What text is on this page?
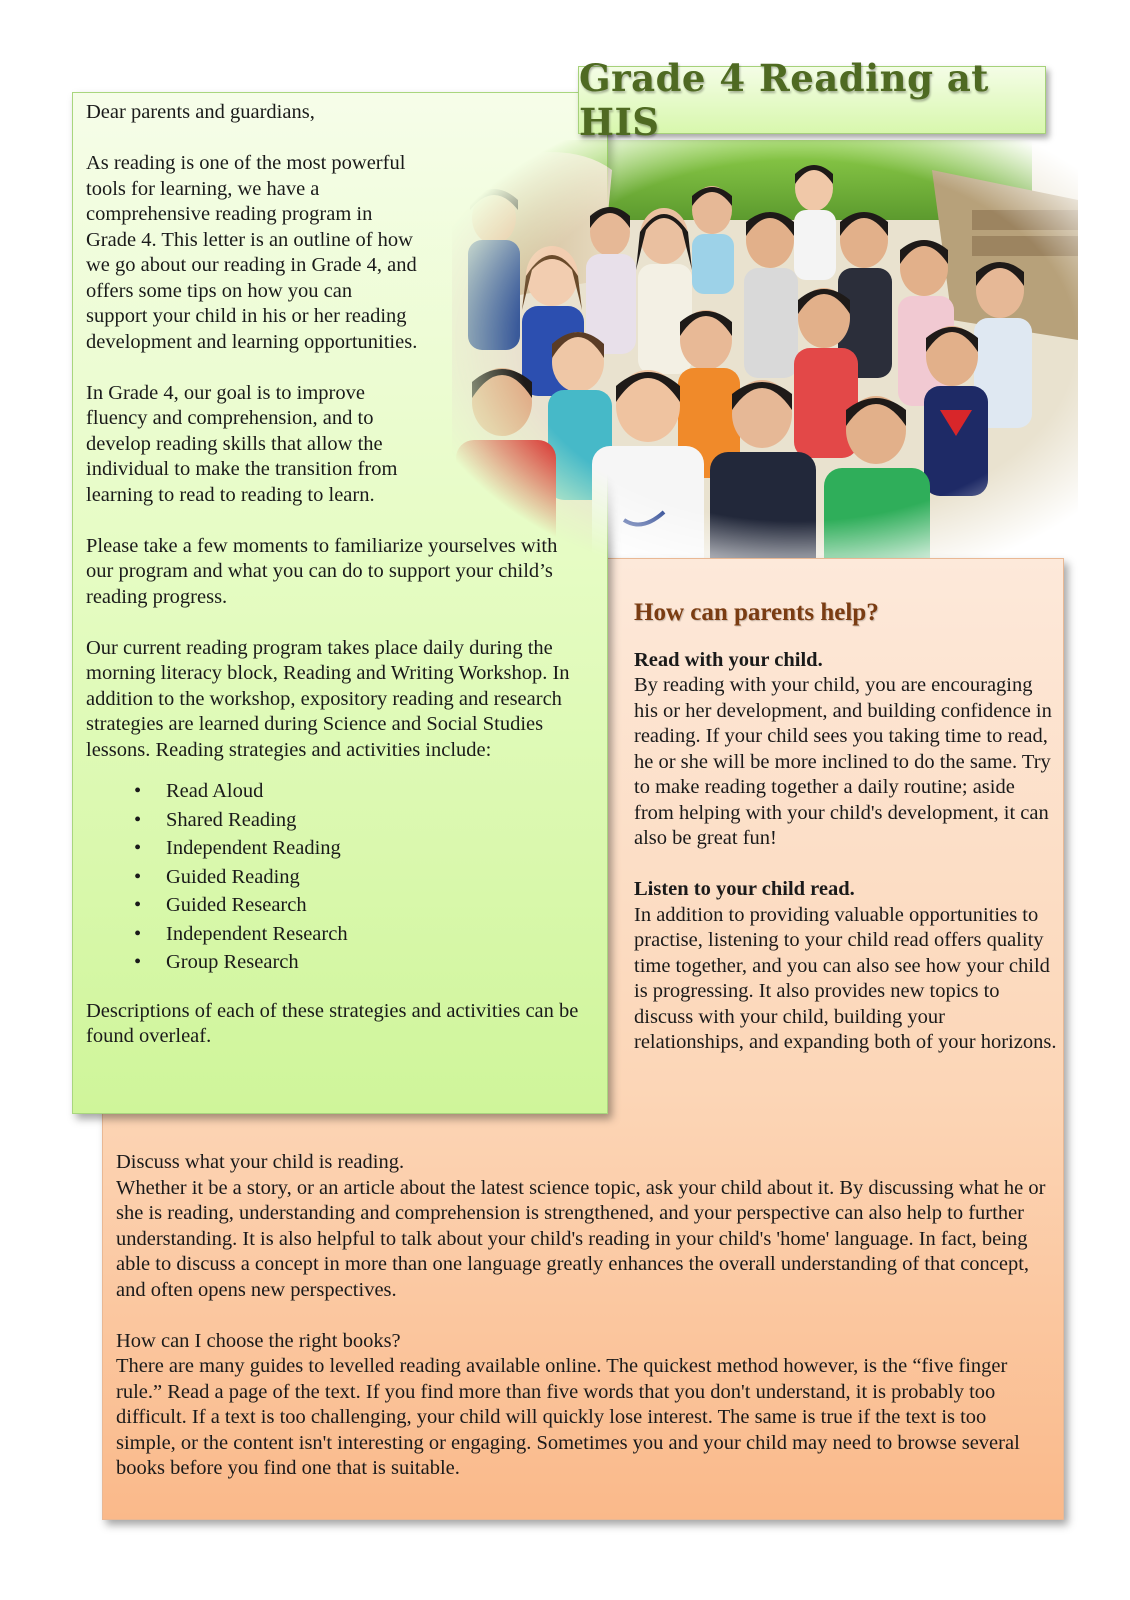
Grade 4 Reading at HIS

Dear parents and guardians,

As reading is one of the most powerful tools for learning, we have a comprehensive reading program in Grade 4. This letter is an outline of how we go about our reading in Grade 4, and offers some tips on how you can support your child in his or her reading development and learning opportunities.

In Grade 4, our goal is to improve fluency and comprehension, and to develop reading skills that allow the individual to make the transition from learning to read to reading to learn.

Please take a few moments to familiarize yourselves with our program and what you can do to support your child’s reading progress.

Our current reading program takes place daily during the morning literacy block, Reading and Writing Workshop. In addition to the workshop, expository reading and research strategies are learned during Science and Social Studies lessons. Reading strategies and activities include:

• Read Aloud
• Shared Reading
• Independent Reading
• Guided Reading
• Guided Research
• Independent Research
• Group Research

Descriptions of each of these strategies and activities can be found overleaf.

How can parents help?
Read with your child.

By reading with your child, you are encouraging his or her development, and building confidence in reading. If your child sees you taking time to read, he or she will be more inclined to do the same. Try to make reading together a daily routine; aside from helping with your child's development, it can also be great fun!

Listen to your child read.

In addition to providing valuable opportunities to practise, listening to your child read offers quality time together, and you can also see how your child is progressing. It also provides new topics to discuss with your child, building your relationships, and expanding both of your horizons.

Discuss what your child is reading.

Whether it be a story, or an article about the latest science topic, ask your child about it. By discussing what he or she is reading, understanding and comprehension is strengthened, and your perspective can also help to further understanding. It is also helpful to talk about your child's reading in your child's 'home' language. In fact, being able to discuss a concept in more than one language greatly enhances the overall understanding of that concept, and often opens new perspectives.

How can I choose the right books?

There are many guides to levelled reading available online. The quickest method however, is the “five finger rule.” Read a page of the text. If you find more than five words that you don't understand, it is probably too difficult. If a text is too challenging, your child will quickly lose interest. The same is true if the text is too simple, or the content isn't interesting or engaging. Sometimes you and your child may need to browse several books before you find one that is suitable.
